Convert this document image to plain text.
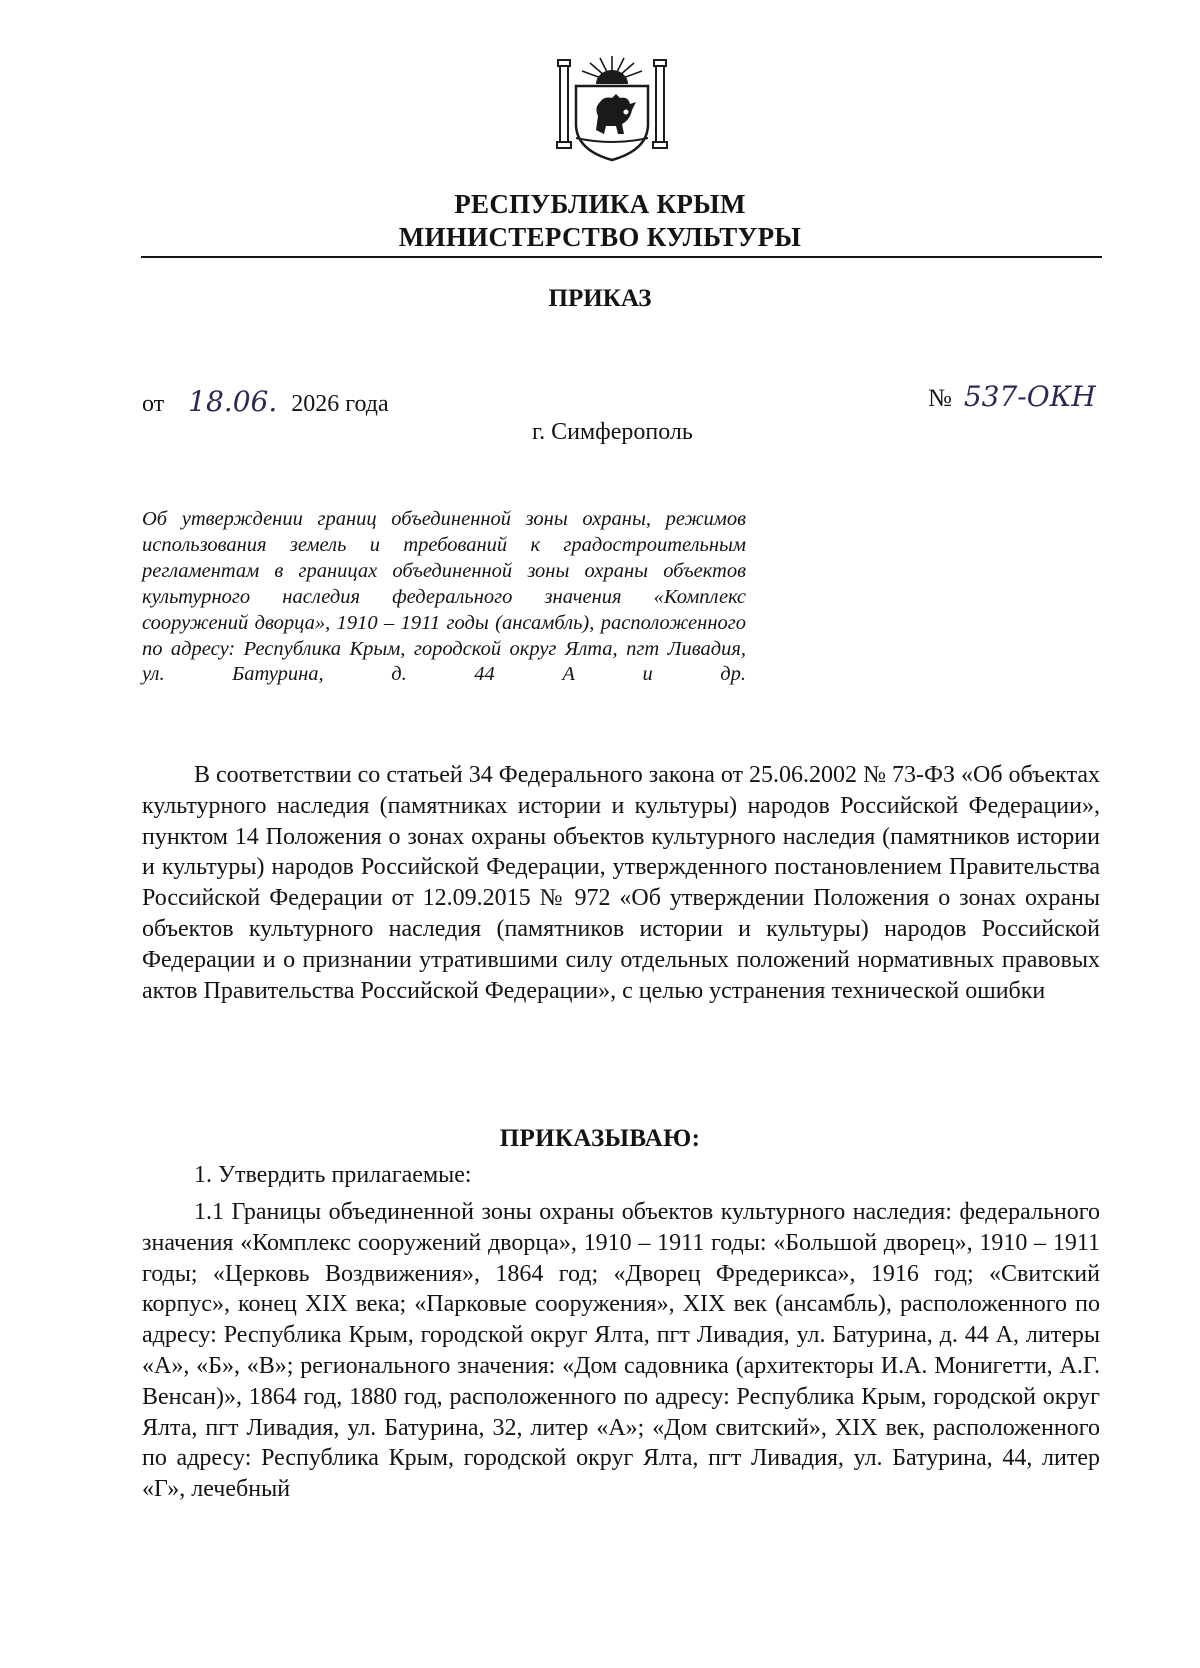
РЕСПУБЛИКА КРЫМ
МИНИСТЕРСТВО КУЛЬТУРЫ
ПРИКАЗ
от 18.06. 2026 года	№ 537-ОКН
г. Симферополь
Об утверждении границ объединенной зоны охраны, режимов использования земель и требований к градостроительным регламентам в границах объединенной зоны охраны объектов культурного наследия федерального значения «Комплекс сооружений дворца», 1910 – 1911 годы (ансамбль), расположенного по адресу: Республика Крым, городской округ Ялта, пгт Ливадия, ул. Батурина, д. 44 А и др.

В соответствии со статьей 34 Федерального закона от 25.06.2002 № 73-ФЗ «Об объектах культурного наследия (памятниках истории и культуры) народов Российской Федерации», пунктом 14 Положения о зонах охраны объектов культурного наследия (памятников истории и культуры) народов Российской Федерации, утвержденного постановлением Правительства Российской Федерации от 12.09.2015 № 972 «Об утверждении Положения о зонах охраны объектов культурного наследия (памятников истории и культуры) народов Российской Федерации и о признании утратившими силу отдельных положений нормативных правовых актов Правительства Российской Федерации», с целью устранения технической ошибки

ПРИКАЗЫВАЮ:
1. Утвердить прилагаемые:

1.1 Границы объединенной зоны охраны объектов культурного наследия: федерального значения «Комплекс сооружений дворца», 1910 – 1911 годы: «Большой дворец», 1910 – 1911 годы; «Церковь Воздвижения», 1864 год; «Дворец Фредерикса», 1916 год; «Свитский корпус», конец XIX века; «Парковые сооружения», XIX век (ансамбль), расположенного по адресу: Республика Крым, городской округ Ялта, пгт Ливадия, ул. Батурина, д. 44 А, литеры «А», «Б», «В»; регионального значения: «Дом садовника (архитекторы И.А. Монигетти, А.Г. Венсан)», 1864 год, 1880 год, расположенного по адресу: Республика Крым, городской округ Ялта, пгт Ливадия, ул. Батурина, 32, литер «А»; «Дом свитский», XIX век, расположенного по адресу: Республика Крым, городской округ Ялта, пгт Ливадия, ул. Батурина, 44, литер «Г», лечебный
